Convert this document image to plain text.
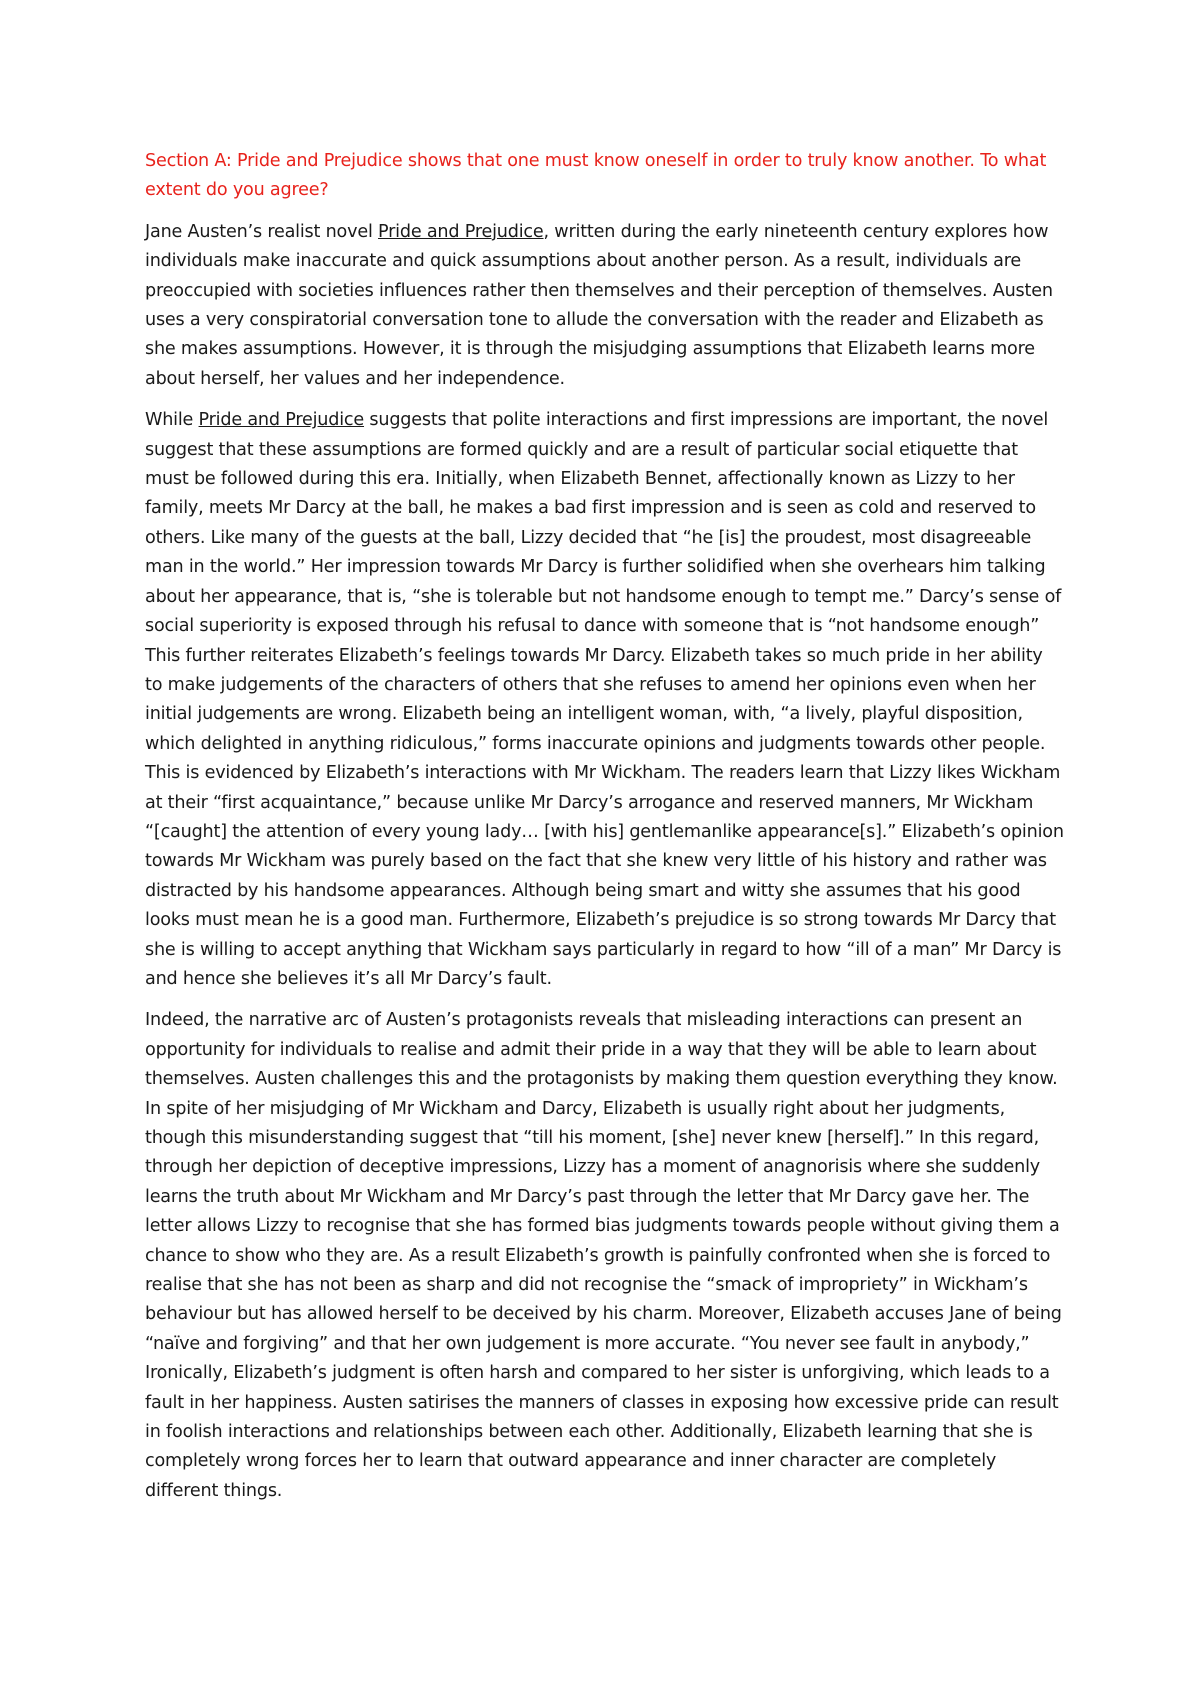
Section A: Pride and Prejudice shows that one must know oneself in order to truly know another. To what extent do you agree?

Jane Austen’s realist novel Pride and Prejudice, written during the early nineteenth century explores how individuals make inaccurate and quick assumptions about another person. As a result, individuals are preoccupied with societies influences rather then themselves and their perception of themselves. Austen uses a very conspiratorial conversation tone to allude the conversation with the reader and Elizabeth as she makes assumptions. However, it is through the misjudging assumptions that Elizabeth learns more about herself, her values and her independence.

While Pride and Prejudice suggests that polite interactions and first impressions are important, the novel suggest that these assumptions are formed quickly and are a result of particular social etiquette that must be followed during this era. Initially, when Elizabeth Bennet, affectionally known as Lizzy to her family, meets Mr Darcy at the ball, he makes a bad first impression and is seen as cold and reserved to others. Like many of the guests at the ball, Lizzy decided that “he [is] the proudest, most disagreeable man in the world.” Her impression towards Mr Darcy is further solidified when she overhears him talking about her appearance, that is, “she is tolerable but not handsome enough to tempt me.” Darcy’s sense of social superiority is exposed through his refusal to dance with someone that is “not handsome enough” This further reiterates Elizabeth’s feelings towards Mr Darcy. Elizabeth takes so much pride in her ability to make judgements of the characters of others that she refuses to amend her opinions even when her initial judgements are wrong. Elizabeth being an intelligent woman, with, “a lively, playful disposition, which delighted in anything ridiculous,” forms inaccurate opinions and judgments towards other people. This is evidenced by Elizabeth’s interactions with Mr Wickham. The readers learn that Lizzy likes Wickham at their “first acquaintance,” because unlike Mr Darcy’s arrogance and reserved manners, Mr Wickham “[caught] the attention of every young lady… [with his] gentlemanlike appearance[s].” Elizabeth’s opinion towards Mr Wickham was purely based on the fact that she knew very little of his history and rather was distracted by his handsome appearances. Although being smart and witty she assumes that his good looks must mean he is a good man. Furthermore, Elizabeth’s prejudice is so strong towards Mr Darcy that she is willing to accept anything that Wickham says particularly in regard to how “ill of a man” Mr Darcy is and hence she believes it’s all Mr Darcy’s fault.

Indeed, the narrative arc of Austen’s protagonists reveals that misleading interactions can present an opportunity for individuals to realise and admit their pride in a way that they will be able to learn about themselves. Austen challenges this and the protagonists by making them question everything they know. In spite of her misjudging of Mr Wickham and Darcy, Elizabeth is usually right about her judgments, though this misunderstanding suggest that “till his moment, [she] never knew [herself].” In this regard, through her depiction of deceptive impressions, Lizzy has a moment of anagnorisis where she suddenly learns the truth about Mr Wickham and Mr Darcy’s past through the letter that Mr Darcy gave her. The letter allows Lizzy to recognise that she has formed bias judgments towards people without giving them a chance to show who they are. As a result Elizabeth’s growth is painfully confronted when she is forced to realise that she has not been as sharp and did not recognise the “smack of impropriety” in Wickham’s behaviour but has allowed herself to be deceived by his charm. Moreover, Elizabeth accuses Jane of being “naïve and forgiving” and that her own judgement is more accurate. “You never see fault in anybody,” Ironically, Elizabeth’s judgment is often harsh and compared to her sister is unforgiving, which leads to a fault in her happiness. Austen satirises the manners of classes in exposing how excessive pride can result in foolish interactions and relationships between each other. Additionally, Elizabeth learning that she is completely wrong forces her to learn that outward appearance and inner character are completely different things.
